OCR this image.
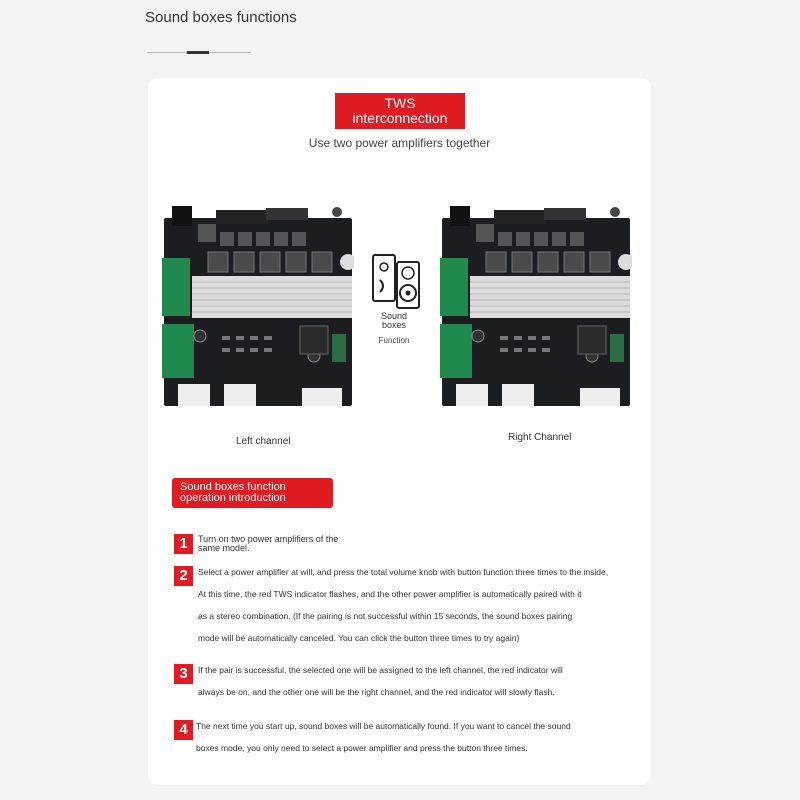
Sound boxes functions
TWS
interconnection
Use two power amplifiers together
Sound
boxes
Function
Left channel	Right Channel
Sound boxes function
operation introduction
1	Turn on two power amplifiers of the
same model.
2	Select a power amplifier at will, and press the total volume knob with button function three times to the inside,
At this time, the red TWS indicator flashes, and the other power amplifier is automatically paired with it
as a stereo combination. (If the pairing is not successful within 15 seconds, the sound boxes pairing
mode will be automatically canceled. You can click the button three times to try again)
3	If the pair is successful, the selected one will be assigned to the left channel, the red indicator will
always be on, and the other one will be the right channel, and the red indicator will slowly flash.
4 The next time you start up, sound boxes will be automatically found. If you want to cancel the sound
boxes mode, you only need to select a power amplifier and press the button three times.
